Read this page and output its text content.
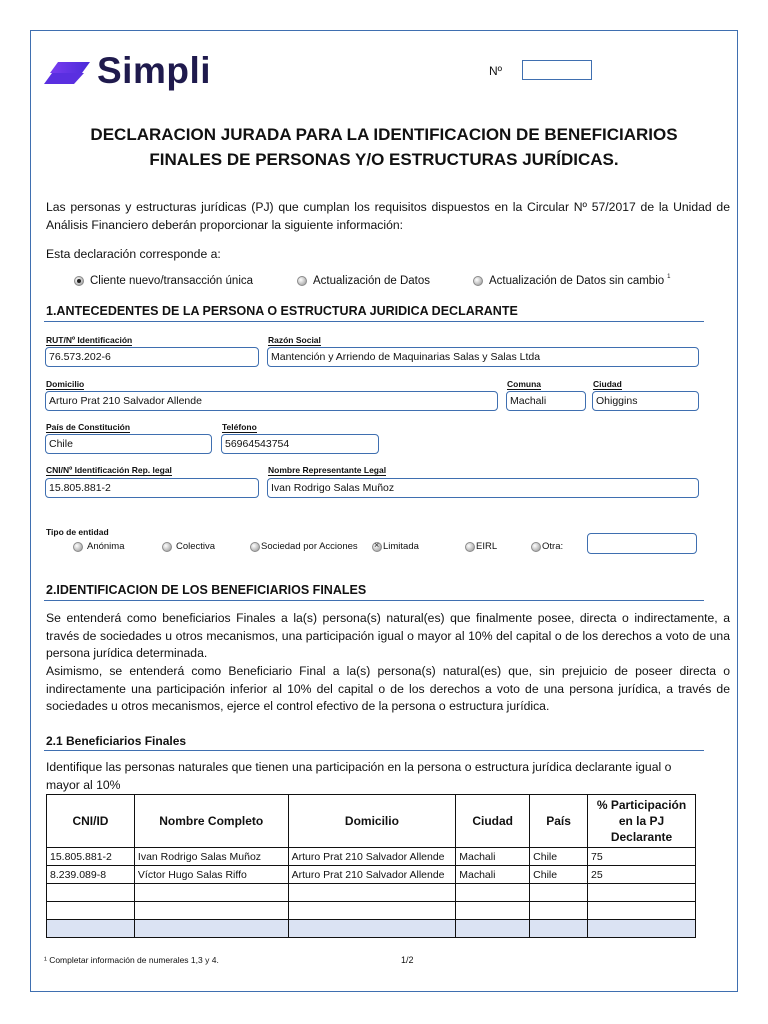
Simpli	Nº
DECLARACION JURADA PARA LA IDENTIFICACION DE BENEFICIARIOS
FINALES DE PERSONAS Y/O ESTRUCTURAS JURÍDICAS.
Las personas y estructuras jurídicas (PJ) que cumplan los requisitos dispuestos en la Circular Nº 57/2017 de la Unidad de Análisis Financiero deberán proporcionar la siguiente información:
Esta declaración corresponde a:
Cliente nuevo/transacción única	Actualización de Datos	Actualización de Datos sin cambio $^1$
1.ANTECEDENTES DE LA PERSONA O ESTRUCTURA JURIDICA DECLARANTE
RUT/Nº Identificación
76.573.202-6
Razón Social
Mantención y Arriendo de Maquinarias Salas y Salas Ltda
Domicilio
Arturo Prat 210 Salvador Allende
Comuna
Machali
Ciudad
Ohiggins
País de Constitución
Chile
Teléfono
56964543754
CNI/Nº Identificación Rep. legal
15.805.881-2
Nombre Representante Legal
Ivan Rodrigo Salas Muñoz
Tipo de entidad
Anónima	Colectiva	Sociedad por Acciones ×	Limitada	EIRL	Otra:
2.IDENTIFICACION DE LOS BENEFICIARIOS FINALES
Se entenderá como beneficiarios Finales a la(s) persona(s) natural(es) que finalmente posee, directa o indirectamente, a través de sociedades u otros mecanismos, una participación igual o mayor al 10% del capital o de los derechos a voto de una persona jurídica determinada.
Asimismo, se entenderá como Beneficiario Final a la(s) persona(s) natural(es) que, sin prejuicio de poseer directa o indirectamente una participación inferior al 10% del capital o de los derechos a voto de una persona jurídica, a través de sociedades u otros mecanismos, ejerce el control efectivo de la persona o estructura jurídica.
2.1 Beneficiarios Finales
Identifique las personas naturales que tienen una participación en la persona o estructura jurídica declarante igual o mayor al 10%
CNI/ID	Nombre Completo	Domicilio	Ciudad	País	% Participación en la PJ Declarante
15.805.881-2	Ivan Rodrigo Salas Muñoz	Arturo Prat 210 Salvador Allende	Machali	Chile	75
8.239.089-8	Víctor Hugo Salas Riffo	Arturo Prat 210 Salvador Allende	Machali	Chile	25

¹ Completar información de numerales 1,3 y 4.	1/2
